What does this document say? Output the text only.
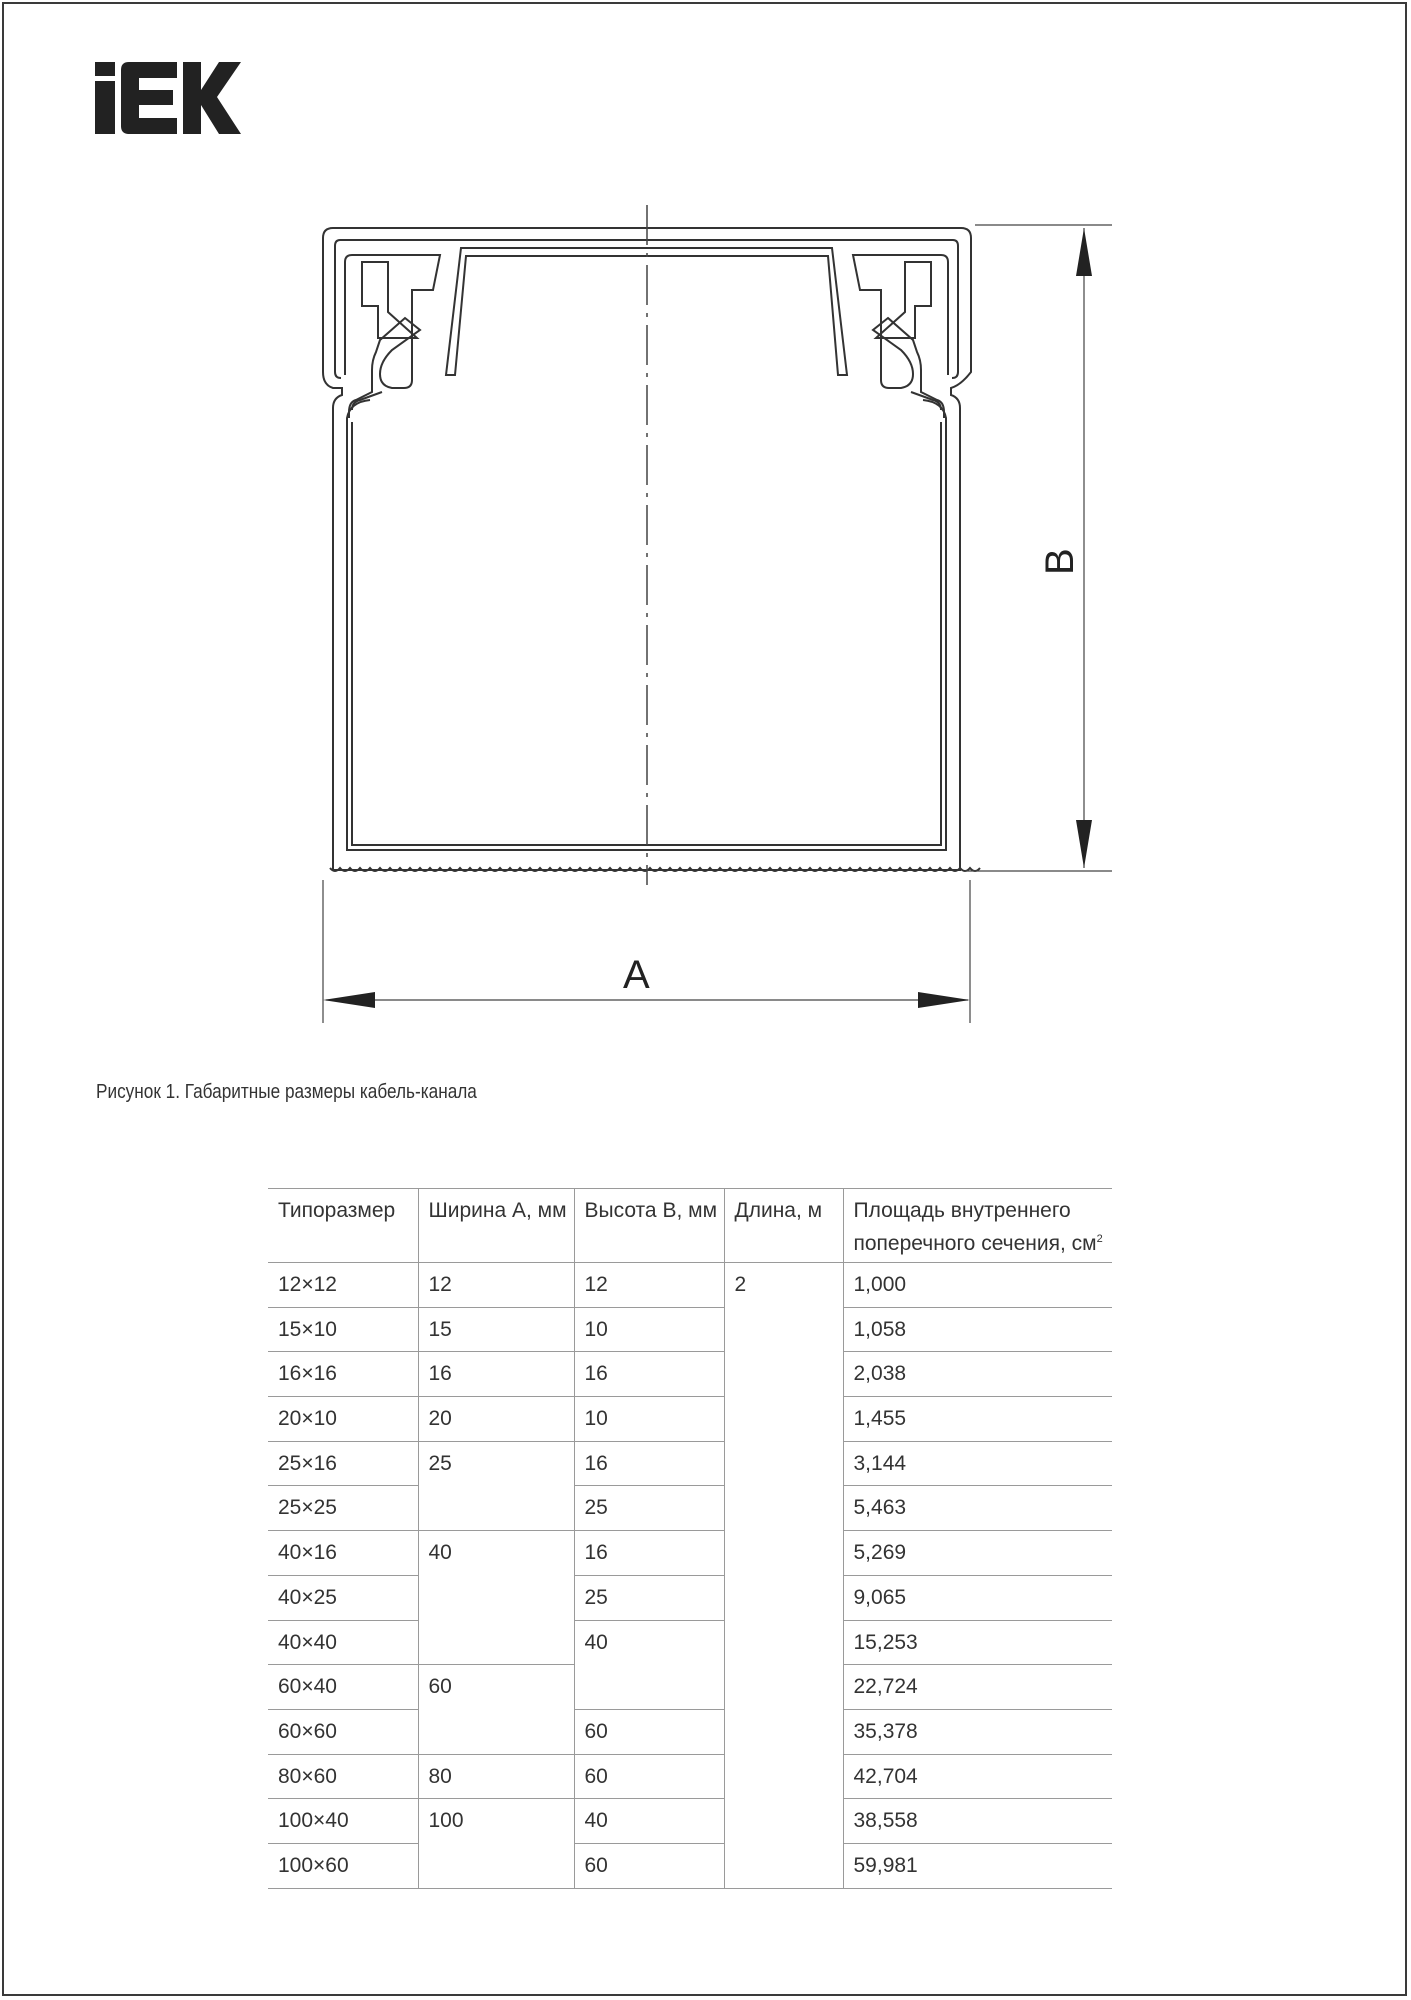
A
B
Рисунок 1. Габаритные размеры кабель-канала
Типоразмер	Ширина А, мм	Высота В, мм	Длина, м	Площадь внутреннего
поперечного сечения, $см^2$
12×12	12	12	2	1,000
15×10	15	10		1,058
16×16	16	16		2,038
20×10	20	10		1,455
25×16	25	16		3,144
25×25		25		5,463
40×16	40	16		5,269
40×25		25		9,065
40×40		40		15,253
60×40	60			22,724
60×60		60		35,378
80×60	80	60		42,704
100×40	100	40		38,558
100×60		60		59,981
